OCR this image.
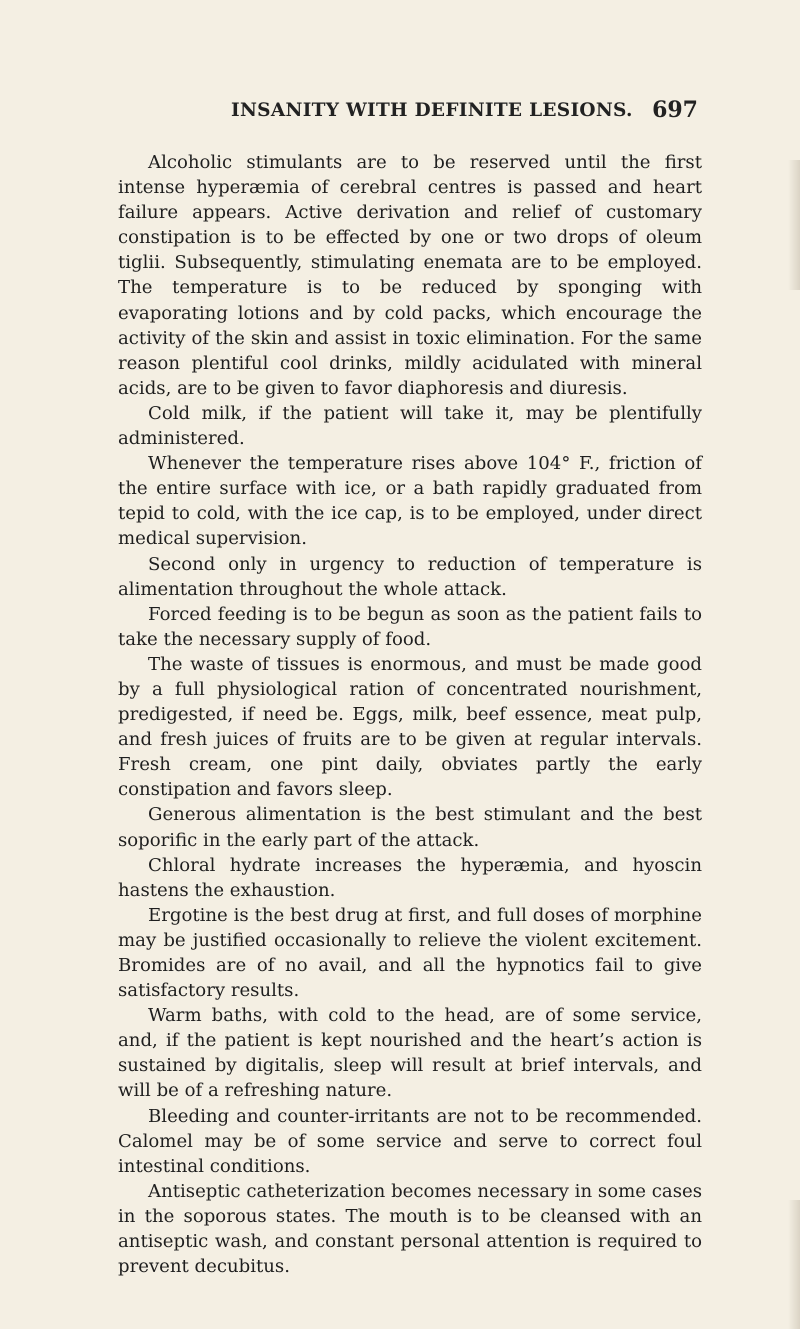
INSANITY WITH DEFINITE LESIONS. 697

Alcoholic stimulants are to be reserved until the first intense hyperæmia of cerebral centres is passed and heart failure appears. Active derivation and relief of customary constipation is to be effected by one or two drops of oleum tiglii. Subsequently, stimulating enemata are to be employed. The temperature is to be reduced by sponging with evaporating lotions and by cold packs, which encourage the activity of the skin and assist in toxic elimination. For the same reason plentiful cool drinks, mildly acidulated with mineral acids, are to be given to favor diaphoresis and diuresis.

Cold milk, if the patient will take it, may be plentifully administered.

Whenever the temperature rises above 104° F., friction of the entire surface with ice, or a bath rapidly graduated from tepid to cold, with the ice cap, is to be employed, under direct medical supervision.

Second only in urgency to reduction of temperature is alimentation throughout the whole attack.

Forced feeding is to be begun as soon as the patient fails to take the necessary supply of food.

The waste of tissues is enormous, and must be made good by a full physiological ration of concentrated nourishment, predigested, if need be. Eggs, milk, beef essence, meat pulp, and fresh juices of fruits are to be given at regular intervals. Fresh cream, one pint daily, obviates partly the early constipation and favors sleep.

Generous alimentation is the best stimulant and the best soporific in the early part of the attack.

Chloral hydrate increases the hyperæmia, and hyoscin hastens the exhaustion.

Ergotine is the best drug at first, and full doses of morphine may be justified occasionally to relieve the violent excitement. Bromides are of no avail, and all the hypnotics fail to give satisfactory results.

Warm baths, with cold to the head, are of some service, and, if the patient is kept nourished and the heart’s action is sustained by digitalis, sleep will result at brief intervals, and will be of a refreshing nature.

Bleeding and counter-irritants are not to be recommended. Calomel may be of some service and serve to correct foul intestinal conditions.

Antiseptic catheterization becomes necessary in some cases in the soporous states. The mouth is to be cleansed with an antiseptic wash, and constant personal attention is required to prevent decubitus.
